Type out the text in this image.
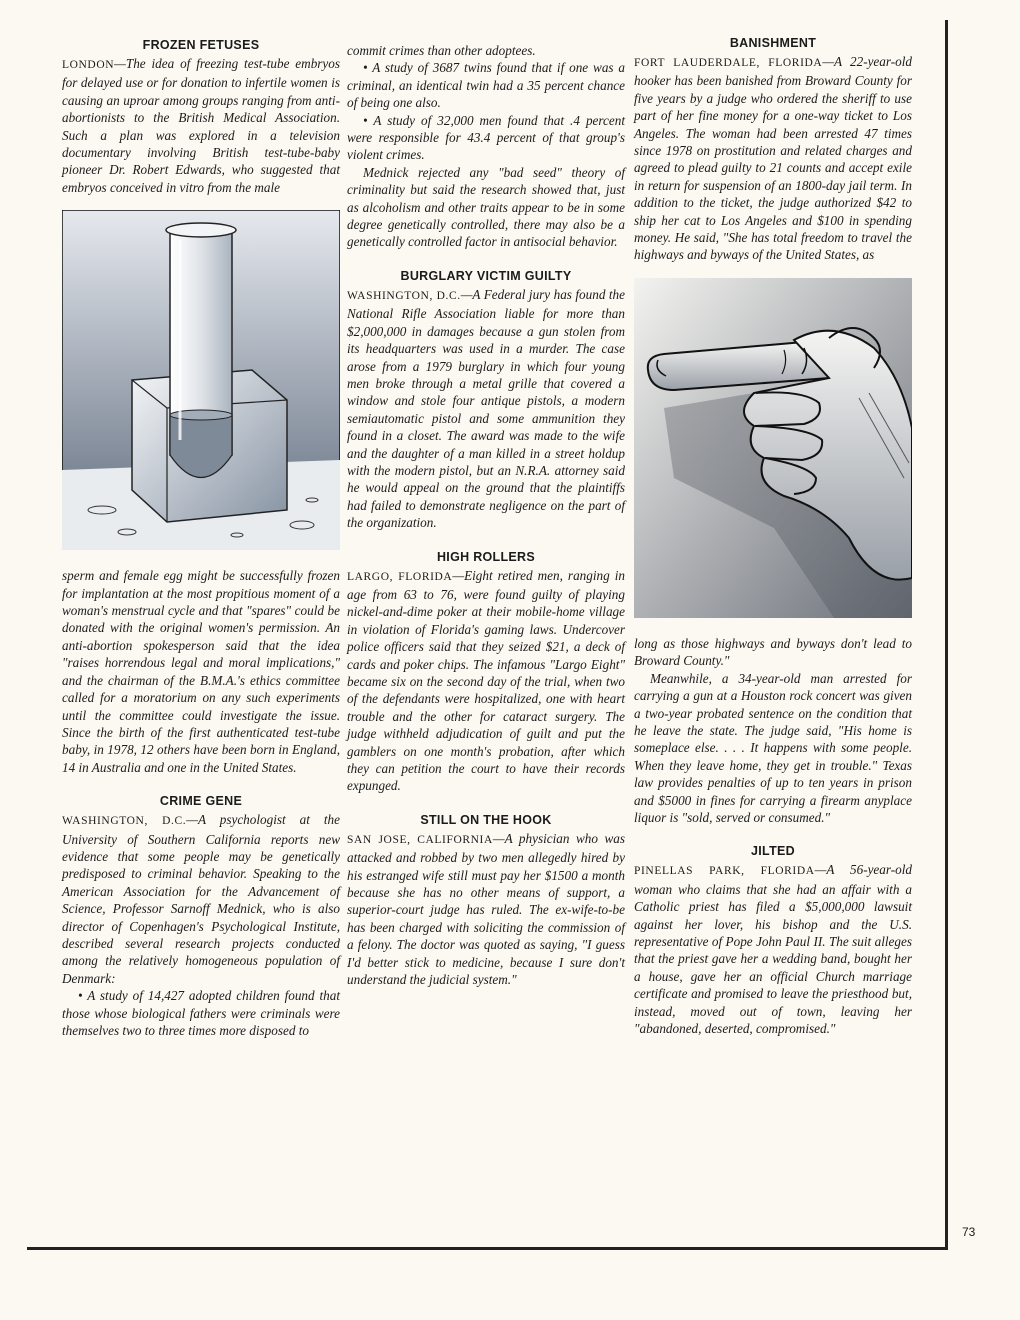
FROZEN FETUSES

LONDON—The idea of freezing test-tube embryos for delayed use or for donation to infertile women is causing an uproar among groups ranging from anti-abortionists to the British Medical Association. Such a plan was explored in a television documentary involving British test-tube-baby pioneer Dr. Robert Edwards, who suggested that embryos conceived in vitro from the male

sperm and female egg might be successfully frozen for implantation at the most propitious moment of a woman's menstrual cycle and that "spares" could be donated with the original women's permission. An anti-abortion spokesperson said that the idea "raises horrendous legal and moral implications," and the chairman of the B.M.A.'s ethics committee called for a moratorium on any such experiments until the committee could investigate the issue. Since the birth of the first authenticated test-tube baby, in 1978, 12 others have been born in England, 14 in Australia and one in the United States.

CRIME GENE

WASHINGTON, D.C.—A psychologist at the University of Southern California reports new evidence that some people may be genetically predisposed to criminal behavior. Speaking to the American Association for the Advancement of Science, Professor Sarnoff Mednick, who is also director of Copenhagen's Psychological Institute, described several research projects conducted among the relatively homogeneous population of Denmark:

• A study of 14,427 adopted children found that those whose biological fathers were criminals were themselves two to three times more disposed to

commit crimes than other adoptees.

• A study of 3687 twins found that if one was a criminal, an identical twin had a 35 percent chance of being one also.

• A study of 32,000 men found that .4 percent were responsible for 43.4 percent of that group's violent crimes.

Mednick rejected any "bad seed" theory of criminality but said the research showed that, just as alcoholism and other traits appear to be in some degree genetically controlled, there may also be a genetically controlled factor in antisocial behavior.

BURGLARY VICTIM GUILTY

WASHINGTON, D.C.—A Federal jury has found the National Rifle Association liable for more than $2,000,000 in damages because a gun stolen from its headquarters was used in a murder. The case arose from a 1979 burglary in which four young men broke through a metal grille that covered a window and stole four antique pistols, a modern semiautomatic pistol and some ammunition they found in a closet. The award was made to the wife and the daughter of a man killed in a street holdup with the modern pistol, but an N.R.A. attorney said he would appeal on the ground that the plaintiffs had failed to demonstrate negligence on the part of the organization.

HIGH ROLLERS

LARGO, FLORIDA—Eight retired men, ranging in age from 63 to 76, were found guilty of playing nickel-and-dime poker at their mobile-home village in violation of Florida's gaming laws. Undercover police officers said that they seized $21, a deck of cards and poker chips. The infamous "Largo Eight" became six on the second day of the trial, when two of the defendants were hospitalized, one with heart trouble and the other for cataract surgery. The judge withheld adjudication of guilt and put the gamblers on one month's probation, after which they can petition the court to have their records expunged.

STILL ON THE HOOK

SAN JOSE, CALIFORNIA—A physician who was attacked and robbed by two men allegedly hired by his estranged wife still must pay her $1500 a month because she has no other means of support, a superior-court judge has ruled. The ex-wife-to-be has been charged with soliciting the commission of a felony. The doctor was quoted as saying, "I guess I'd better stick to medicine, because I sure don't understand the judicial system."

BANISHMENT

FORT LAUDERDALE, FLORIDA—A 22-year-old hooker has been banished from Broward County for five years by a judge who ordered the sheriff to use part of her fine money for a one-way ticket to Los Angeles. The woman had been arrested 47 times since 1978 on prostitution and related charges and agreed to plead guilty to 21 counts and accept exile in return for suspension of an 1800-day jail term. In addition to the ticket, the judge authorized $42 to ship her cat to Los Angeles and $100 in spending money. He said, "She has total freedom to travel the highways and byways of the United States, as

long as those highways and byways don't lead to Broward County."

Meanwhile, a 34-year-old man arrested for carrying a gun at a Houston rock concert was given a two-year probated sentence on the condition that he leave the state. The judge said, "His home is someplace else. . . . It happens with some people. When they leave home, they get in trouble." Texas law provides penalties of up to ten years in prison and $5000 in fines for carrying a firearm anyplace liquor is "sold, served or consumed."

JILTED

PINELLAS PARK, FLORIDA—A 56-year-old woman who claims that she had an affair with a Catholic priest has filed a $5,000,000 lawsuit against her lover, his bishop and the U.S. representative of Pope John Paul II. The suit alleges that the priest gave her a wedding band, bought her a house, gave her an official Church marriage certificate and promised to leave the priesthood but, instead, moved out of town, leaving her "abandoned, deserted, compromised."

73
